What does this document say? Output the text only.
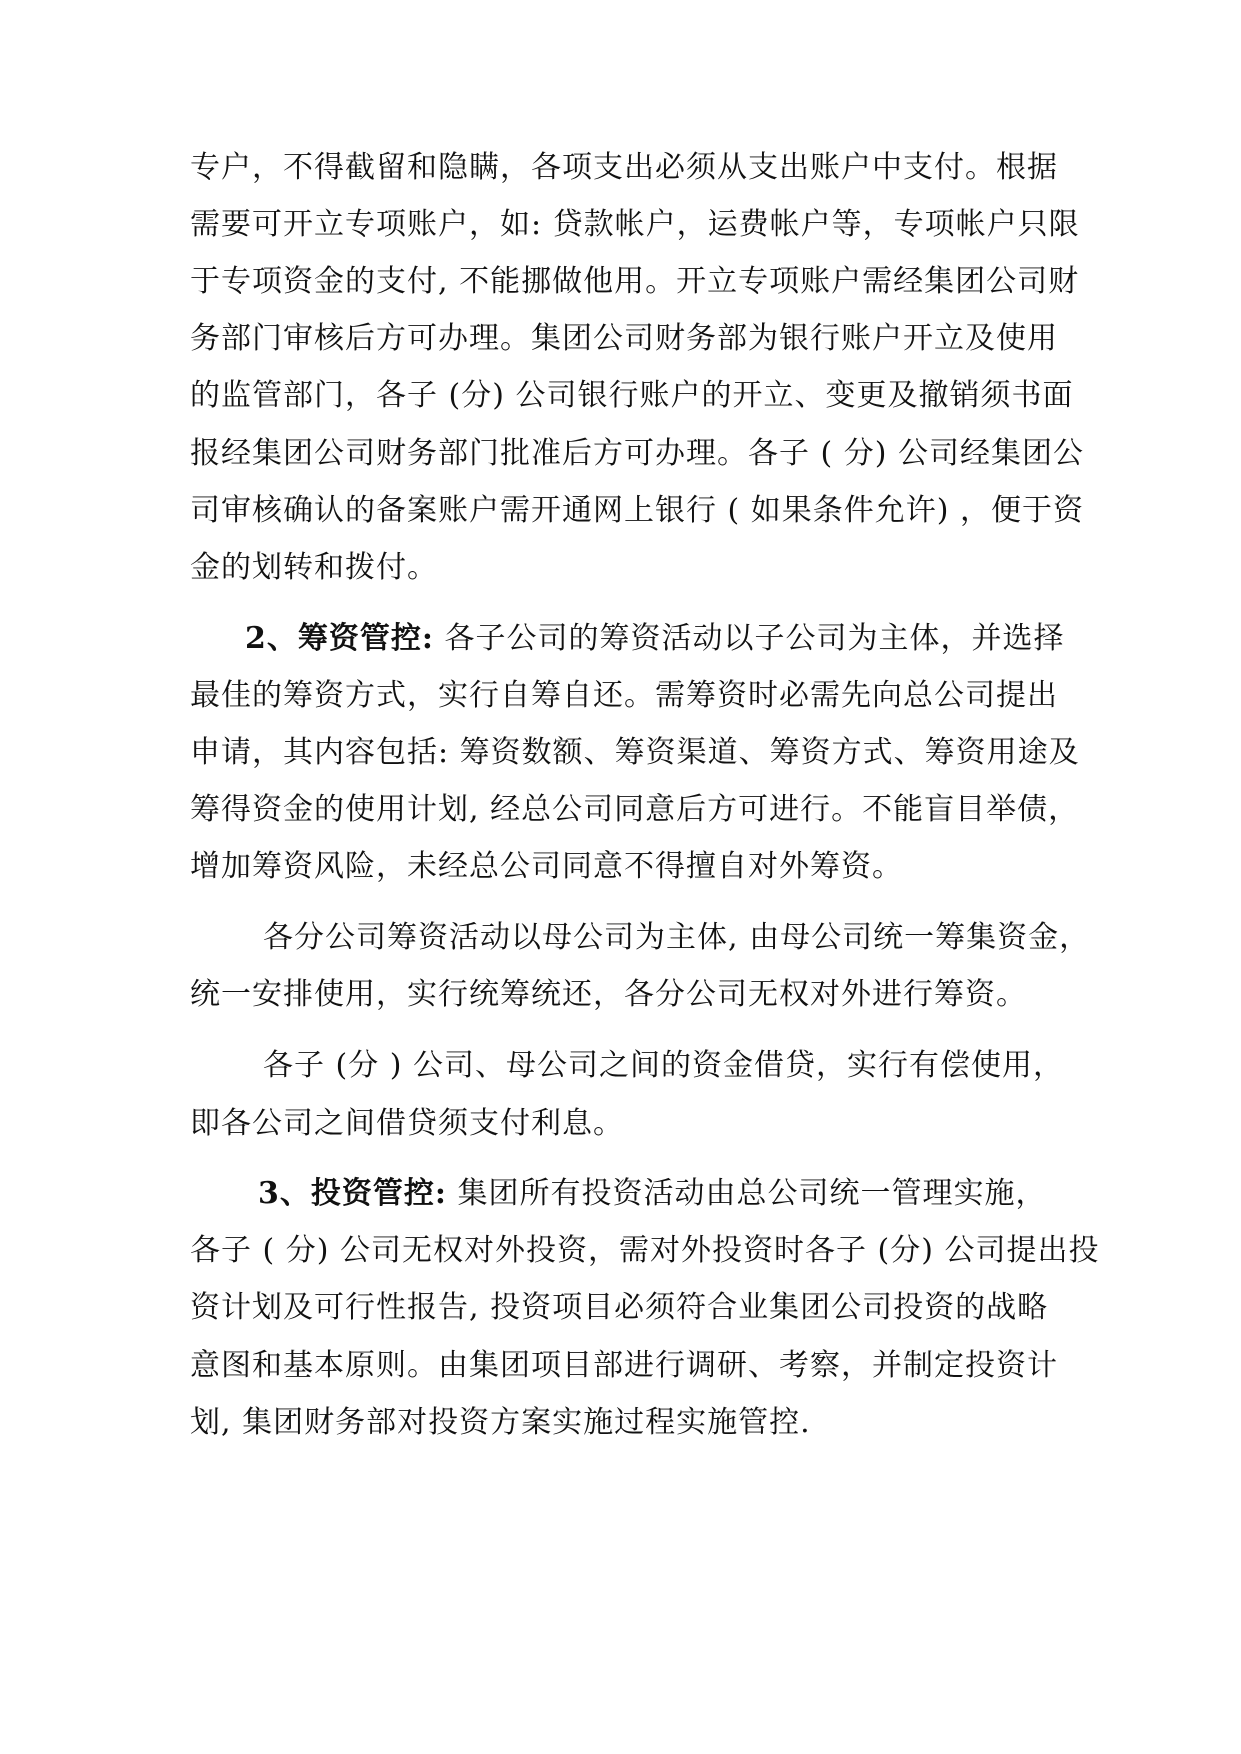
专户，不得截留和隐瞒，各项支出必须从支出账户中支付。根据
需要可开立专项账户，如: 贷款帐户，运费帐户等，专项帐户只限
于专项资金的支付, 不能挪做他用。开立专项账户需经集团公司财
务部门审核后方可办理。集团公司财务部为银行账户开立及使用
的监管部门，各子 (分) 公司银行账户的开立、变更及撤销须书面
报经集团公司财务部门批准后方可办理。各子 ( 分) 公司经集团公
司审核确认的备案账户需开通网上银行 ( 如果条件允许) ，便于资
金的划转和拨付。
2、筹资管控: 各子公司的筹资活动以子公司为主体，并选择
最佳的筹资方式，实行自筹自还。需筹资时必需先向总公司提出
申请，其内容包括: 筹资数额、筹资渠道、筹资方式、筹资用途及
筹得资金的使用计划, 经总公司同意后方可进行。不能盲目举债，
增加筹资风险，未经总公司同意不得擅自对外筹资。
各分公司筹资活动以母公司为主体, 由母公司统一筹集资金，
统一安排使用，实行统筹统还，各分公司无权对外进行筹资。
各子 (分 ) 公司、母公司之间的资金借贷，实行有偿使用，
即各公司之间借贷须支付利息。
3、投资管控: 集团所有投资活动由总公司统一管理实施，
各子 ( 分) 公司无权对外投资，需对外投资时各子 (分) 公司提出投
资计划及可行性报告, 投资项目必须符合业集团公司投资的战略
意图和基本原则。由集团项目部进行调研、考察，并制定投资计
划, 集团财务部对投资方案实施过程实施管控.
